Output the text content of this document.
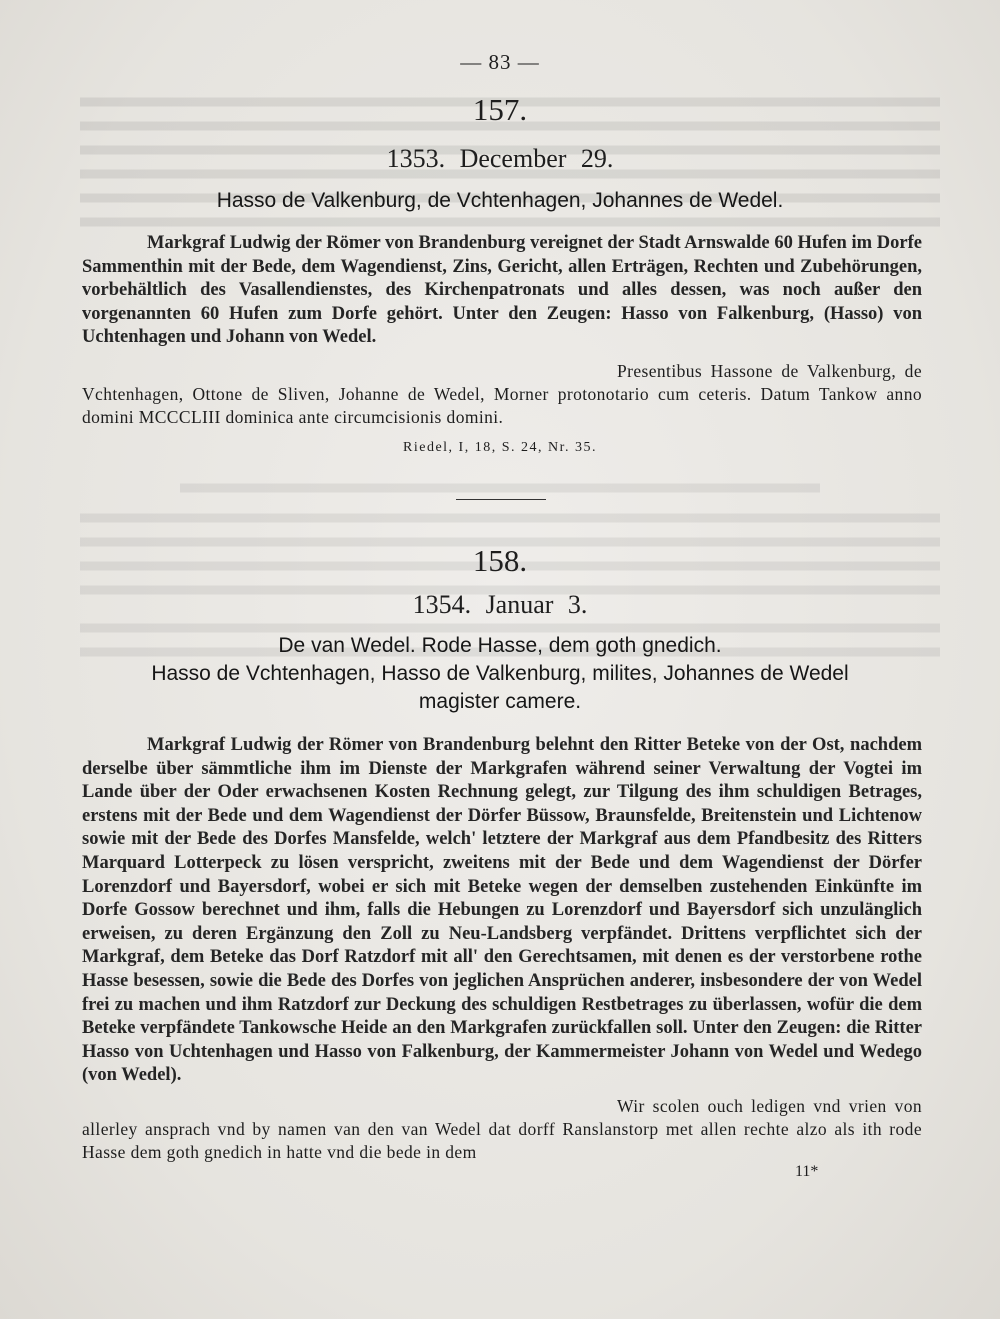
— 83 —
157.
1353. December 29.
Hasso de Valkenburg, de Vchtenhagen, Johannes de Wedel.
Markgraf Ludwig der Römer von Brandenburg vereignet der Stadt Arnswalde 60 Hufen im Dorfe Sammenthin mit der Bede, dem Wagendienst, Zins, Gericht, allen Erträgen, Rechten und Zubehörungen, vorbehältlich des Vasallendienstes, des Kirchenpatronats und alles dessen, was noch außer den vorgenannten 60 Hufen zum Dorfe gehört. Unter den Zeugen: Hasso von Falkenburg, (Hasso) von Uchtenhagen und Johann von Wedel.
Presentibus Hassone de Valkenburg, de Vchtenhagen, Ottone de Sliven, Johanne de Wedel, Morner protonotario cum ceteris. Datum Tankow anno domini MCCCLIII dominica ante circumcisionis domini.
Riedel, I, 18, S. 24, Nr. 35.
158.
1354. Januar 3.
De van Wedel. Rode Hasse, dem goth gnedich.
Hasso de Vchtenhagen, Hasso de Valkenburg, milites, Johannes de Wedel
magister camere.
Markgraf Ludwig der Römer von Brandenburg belehnt den Ritter Beteke von der Ost, nachdem derselbe über sämmtliche ihm im Dienste der Markgrafen während seiner Verwaltung der Vogtei im Lande über der Oder erwachsenen Kosten Rechnung gelegt, zur Tilgung des ihm schuldigen Betrages, erstens mit der Bede und dem Wagendienst der Dörfer Büssow, Braunsfelde, Breitenstein und Lichtenow sowie mit der Bede des Dorfes Mansfelde, welch' letztere der Markgraf aus dem Pfandbesitz des Ritters Marquard Lotterpeck zu lösen verspricht, zweitens mit der Bede und dem Wagendienst der Dörfer Lorenzdorf und Bayersdorf, wobei er sich mit Beteke wegen der demselben zustehenden Einkünfte im Dorfe Gossow berechnet und ihm, falls die Hebungen zu Lorenzdorf und Bayersdorf sich unzulänglich erweisen, zu deren Ergänzung den Zoll zu Neu-Landsberg verpfändet. Drittens verpflichtet sich der Markgraf, dem Beteke das Dorf Ratzdorf mit all' den Gerechtsamen, mit denen es der verstorbene rothe Hasse besessen, sowie die Bede des Dorfes von jeglichen Ansprüchen anderer, insbesondere der von Wedel frei zu machen und ihm Ratzdorf zur Deckung des schuldigen Restbetrages zu überlassen, wofür die dem Beteke verpfändete Tankowsche Heide an den Markgrafen zurückfallen soll. Unter den Zeugen: die Ritter Hasso von Uchtenhagen und Hasso von Falkenburg, der Kammermeister Johann von Wedel und Wedego (von Wedel).
Wir scolen ouch ledigen vnd vrien von allerley ansprach vnd by namen van den van Wedel dat dorff Ranslanstorp met allen rechte alzo als ith rode Hasse dem goth gnedich in hatte vnd die bede in dem
11*
